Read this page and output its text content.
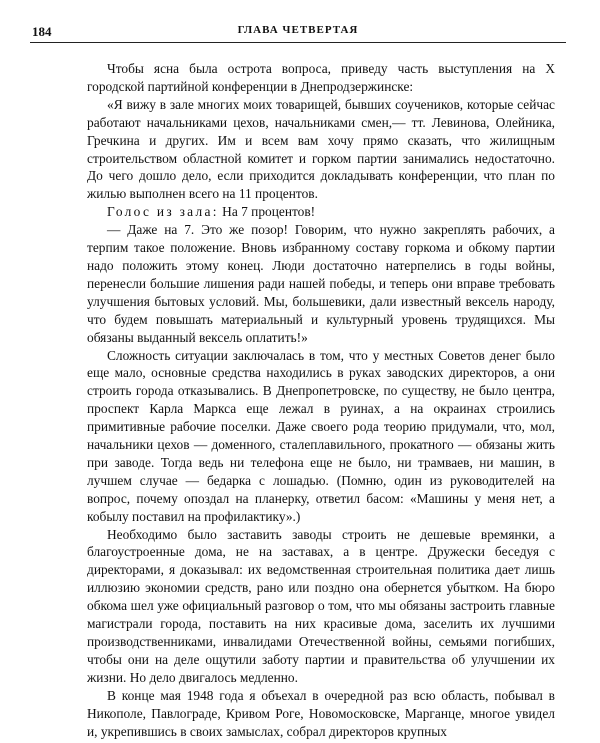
184	ГЛАВА ЧЕТВЕРТАЯ

Чтобы ясна была острота вопроса, приведу часть выступления на X городской партийной конференции в Днепродзержинске:

«Я вижу в зале многих моих товарищей, бывших соучеников, которые сейчас работают начальниками цехов, начальниками смен,— тт. Левинова, Олейника, Гречкина и других. Им и всем вам хочу прямо сказать, что жилищным строительством областной комитет и горком партии занимались недостаточно. До чего дошло дело, если приходится докладывать конференции, что план по жилью выполнен всего на 11 процентов.

Голос из зала: На 7 процентов!

— Даже на 7. Это же позор! Говорим, что нужно закреплять рабочих, а терпим такое положение. Вновь избранному составу горкома и обкому партии надо положить этому конец. Люди достаточно натерпелись в годы войны, перенесли большие лишения ради нашей победы, и теперь они вправе требовать улучшения бытовых условий. Мы, большевики, дали известный вексель народу, что будем повышать материальный и культурный уровень трудящихся. Мы обязаны выданный вексель оплатить!»

Сложность ситуации заключалась в том, что у местных Советов денег было еще мало, основные средства находились в руках заводских директоров, а они строить города отказывались. В Днепропетровске, по существу, не было центра, проспект Карла Маркса еще лежал в руинах, а на окраинах строились примитивные рабочие поселки. Даже своего рода теорию придумали, что, мол, начальники цехов — доменного, сталеплавильного, прокатного — обязаны жить при заводе. Тогда ведь ни телефона еще не было, ни трамваев, ни машин, в лучшем случае — бедарка с лошадью. (Помню, один из руководителей на вопрос, почему опоздал на планерку, ответил басом: «Машины у меня нет, а кобылу поставил на профилактику».)

Необходимо было заставить заводы строить не дешевые времянки, а благоустроенные дома, не на заставах, а в центре. Дружески беседуя с директорами, я доказывал: их ведомственная строительная политика дает лишь иллюзию экономии средств, рано или поздно она обернется убытком. На бюро обкома шел уже официальный разговор о том, что мы обязаны застроить главные магистрали города, поставить на них красивые дома, заселить их лучшими производственниками, инвалидами Отечественной войны, семьями погибших, чтобы они на деле ощутили заботу партии и правительства об улучшении их жизни. Но дело двигалось медленно.

В конце мая 1948 года я объехал в очередной раз всю область, побывал в Никополе, Павлограде, Кривом Роге, Новомосковске, Марганце, многое увидел и, укрепившись в своих замыслах, собрал директоров крупных
